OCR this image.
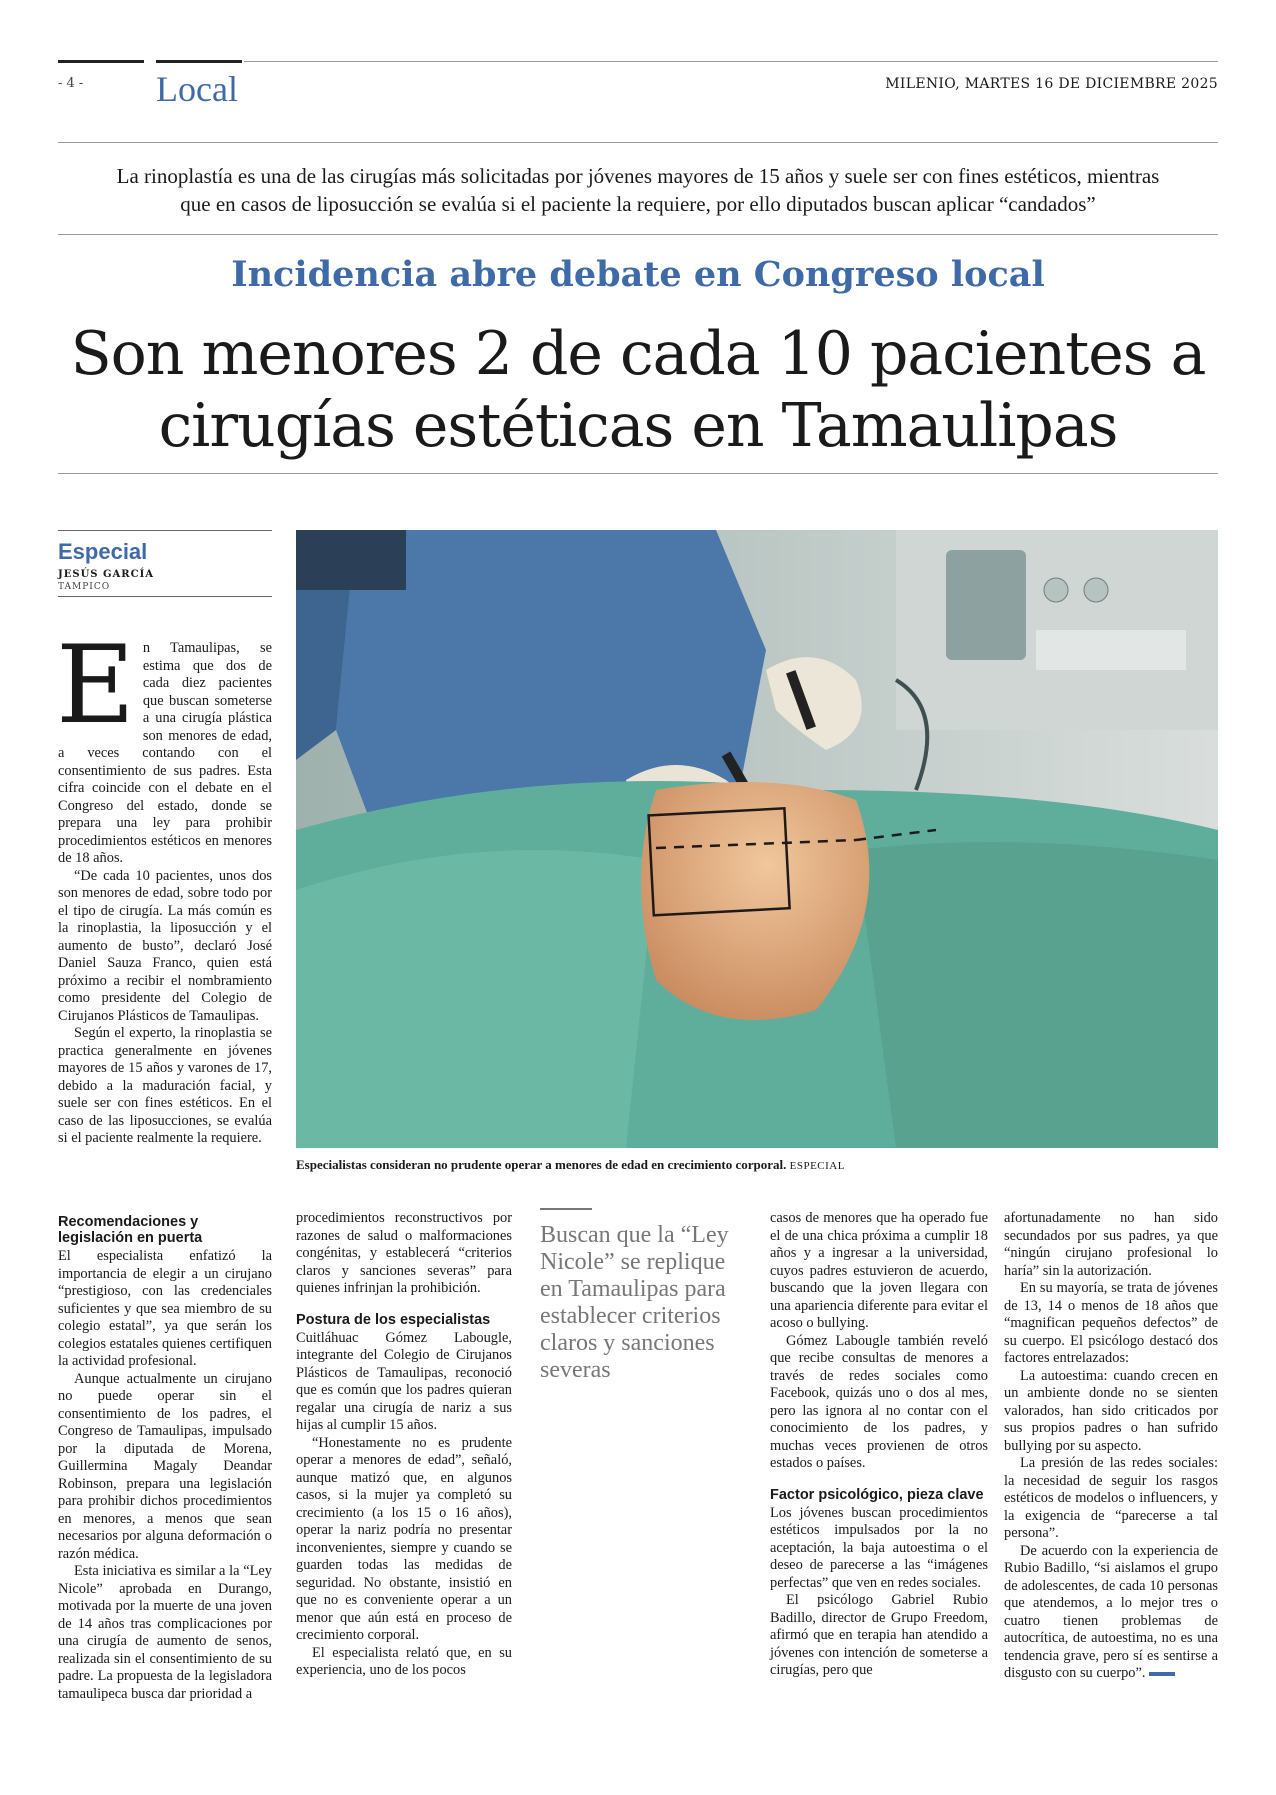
- 4 - Local	MILENIO, MARTES 16 DE DICIEMBRE 2025
La rinoplastía es una de las cirugías más solicitadas por jóvenes mayores de 15 años y suele ser con fines estéticos, mientras
que en casos de liposucción se evalúa si el paciente la requiere, por ello diputados buscan aplicar “candados”
Incidencia abre debate en Congreso local
Son menores 2 de cada 10 pacientes a
cirugías estéticas en Tamaulipas
Especial
JESÚS GARCÍA
TAMPICO
E n Tamaulipas, se estima que dos de cada diez pacientes que buscan someterse a una cirugía plástica son menores de edad, a veces contando con el consentimiento de sus padres. Esta cifra coincide con el debate en el Congreso del estado, donde se prepara una ley para prohibir procedimientos estéticos en menores de 18 años.

“De cada 10 pacientes, unos dos son menores de edad, sobre todo por el tipo de cirugía. La más común es la rinoplastia, la liposucción y el aumento de busto”, declaró José Daniel Sauza Franco, quien está próximo a recibir el nombramiento como presidente del Colegio de Cirujanos Plásticos de Tamaulipas.

Según el experto, la rinoplastia se practica generalmente en jóvenes mayores de 15 años y varones de 17, debido a la maduración facial, y suele ser con fines estéticos. En el caso de las liposucciones, se evalúa si el paciente realmente la requiere.

Especialistas consideran no prudente operar a menores de edad en crecimiento corporal. ESPECIAL
Recomendaciones y legislación en puerta

El especialista enfatizó la importancia de elegir a un cirujano “prestigioso, con las credenciales suficientes y que sea miembro de su colegio estatal”, ya que serán los colegios estatales quienes certifiquen la actividad profesional.

Aunque actualmente un cirujano no puede operar sin el consentimiento de los padres, el Congreso de Tamaulipas, impulsado por la diputada de Morena, Guillermina Magaly Deandar Robinson, prepara una legislación para prohibir dichos procedimientos en menores, a menos que sean necesarios por alguna deformación o razón médica.

Esta iniciativa es similar a la “Ley Nicole” aprobada en Durango, motivada por la muerte de una joven de 14 años tras complicaciones por una cirugía de aumento de senos, realizada sin el consentimiento de su padre. La propuesta de la legisladora tamaulipeca busca dar prioridad a

procedimientos reconstructivos por razones de salud o malformaciones congénitas, y establecerá “criterios claros y sanciones severas” para quienes infrinjan la prohibición.

Postura de los especialistas

Cuitláhuac Gómez Labougle, integrante del Colegio de Cirujanos Plásticos de Tamaulipas, reconoció que es común que los padres quieran regalar una cirugía de nariz a sus hijas al cumplir 15 años.

“Honestamente no es prudente operar a menores de edad”, señaló, aunque matizó que, en algunos casos, si la mujer ya completó su crecimiento (a los 15 o 16 años), operar la nariz podría no presentar inconvenientes, siempre y cuando se guarden todas las medidas de seguridad. No obstante, insistió en que no es conveniente operar a un menor que aún está en proceso de crecimiento corporal.

El especialista relató que, en su experiencia, uno de los pocos

Buscan que la “Ley Nicole” se replique en Tamaulipas para establecer criterios claros y sanciones severas

casos de menores que ha operado fue el de una chica próxima a cumplir 18 años y a ingresar a la universidad, cuyos padres estuvieron de acuerdo, buscando que la joven llegara con una apariencia diferente para evitar el acoso o bullying.

Gómez Labougle también reveló que recibe consultas de menores a través de redes sociales como Facebook, quizás uno o dos al mes, pero las ignora al no contar con el conocimiento de los padres, y muchas veces provienen de otros estados o países.

Factor psicológico, pieza clave

Los jóvenes buscan procedimientos estéticos impulsados por la no aceptación, la baja autoestima o el deseo de parecerse a las “imágenes perfectas” que ven en redes sociales.

El psicólogo Gabriel Rubio Badillo, director de Grupo Freedom, afirmó que en terapia han atendido a jóvenes con intención de someterse a cirugías, pero que

afortunadamente no han sido secundados por sus padres, ya que “ningún cirujano profesional lo haría” sin la autorización.

En su mayoría, se trata de jóvenes de 13, 14 o menos de 18 años que “magnifican pequeños defectos” de su cuerpo. El psicólogo destacó dos factores entrelazados:

La autoestima: cuando crecen en un ambiente donde no se sienten valorados, han sido criticados por sus propios padres o han sufrido bullying por su aspecto.

La presión de las redes sociales: la necesidad de seguir los rasgos estéticos de modelos o influencers, y la exigencia de “parecerse a tal persona”.

De acuerdo con la experiencia de Rubio Badillo, “si aislamos el grupo de adolescentes, de cada 10 personas que atendemos, a lo mejor tres o cuatro tienen problemas de autocrítica, de autoestima, no es una tendencia grave, pero sí es sentirse a disgusto con su cuerpo”.
